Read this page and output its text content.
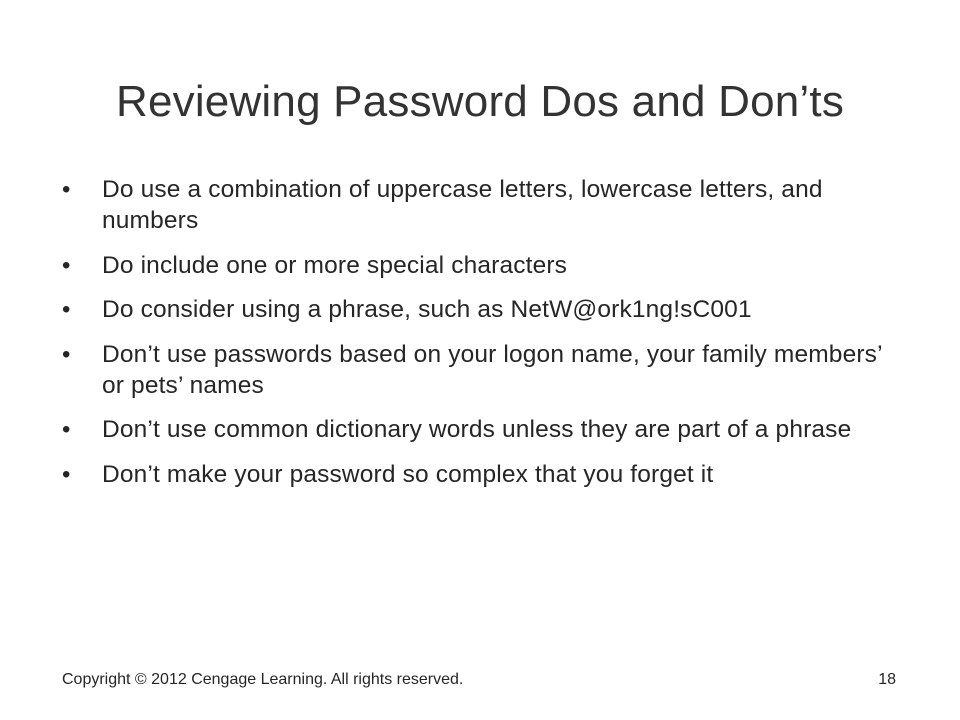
Reviewing Password Dos and Don’ts
•	Do use a combination of uppercase letters, lowercase letters, and numbers
•	Do include one or more special characters
•	Do consider using a phrase, such as NetW@ork1ng!sC001
•	Don’t use passwords based on your logon name, your family members’ or pets’ names
•	Don’t use common dictionary words unless they are part of a phrase
•	Don’t make your password so complex that you forget it
Copyright © 2012 Cengage Learning. All rights reserved.	18
